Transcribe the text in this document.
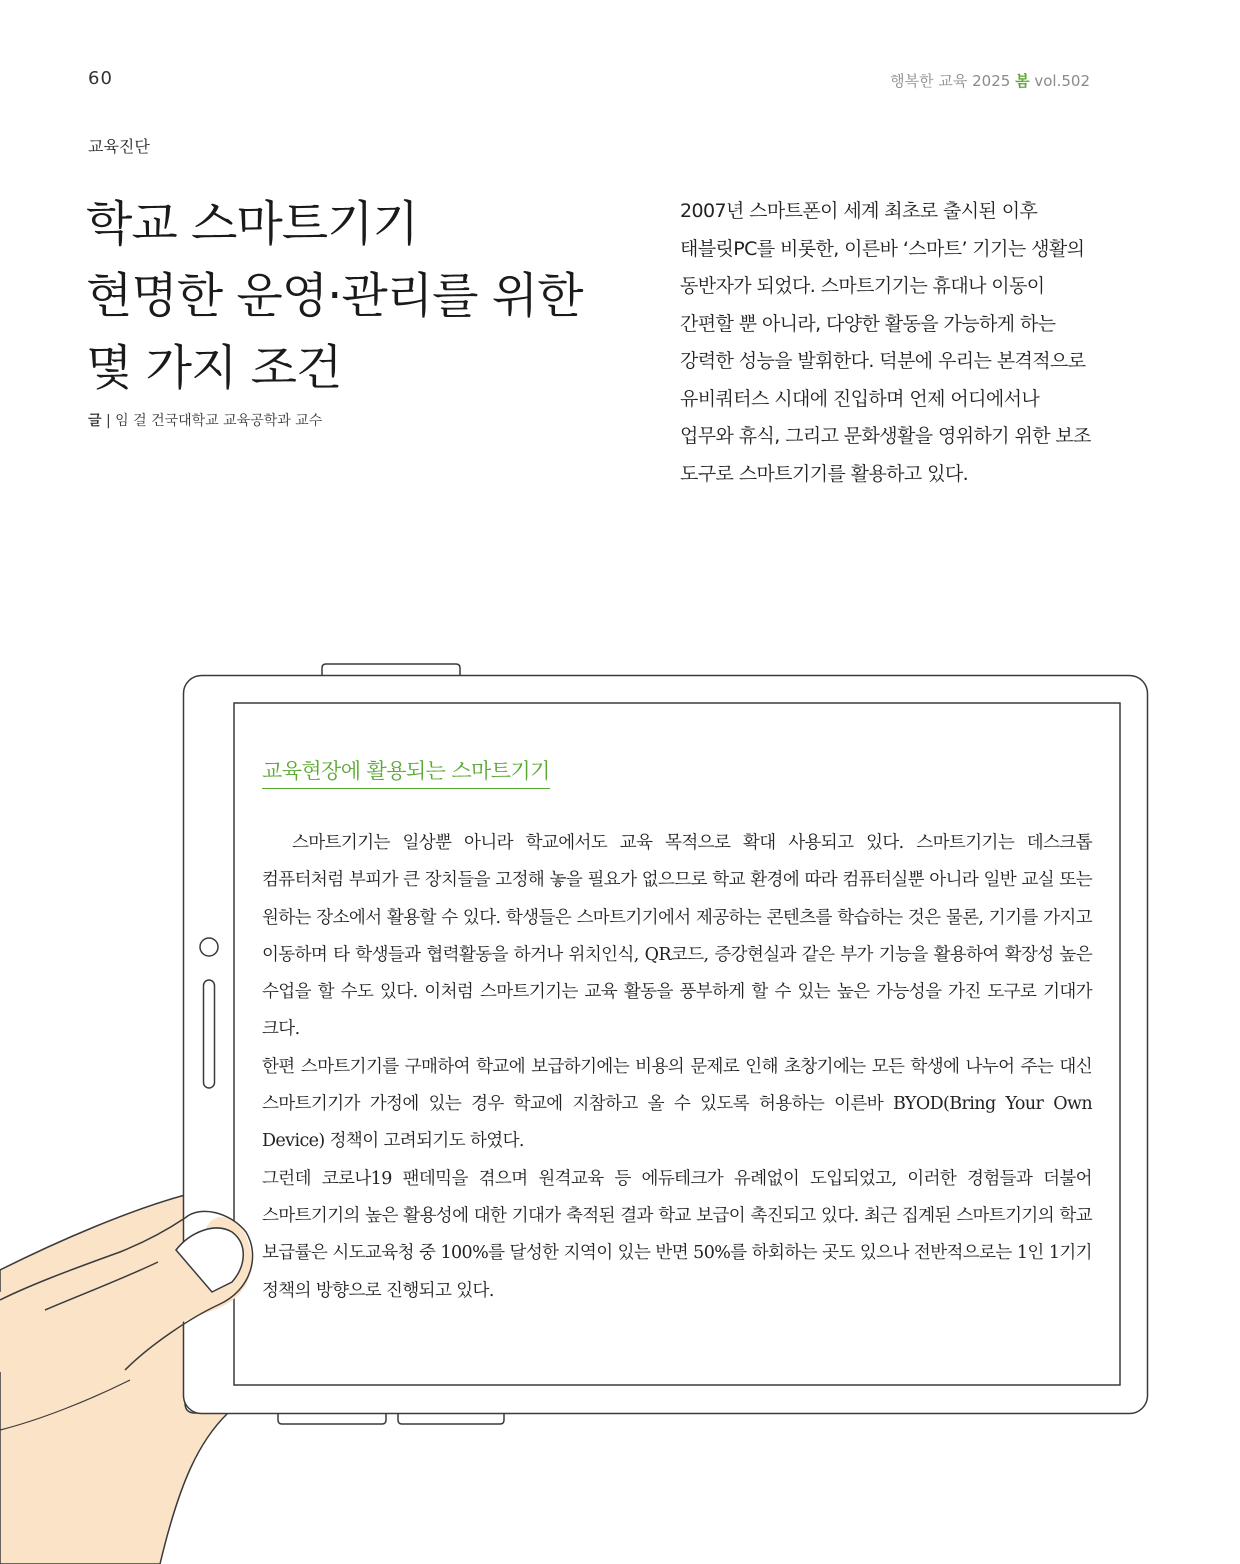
60	행복한 교육 2025 봄 vol.502
교육진단
학교 스마트기기
현명한 운영·관리를 위한
몇 가지 조건
글 | 임 걸 건국대학교 교육공학과 교수

2007년 스마트폰이 세계 최초로 출시된 이후 태블릿PC를 비롯한, 이른바 ‘스마트’ 기기는 생활의 동반자가 되었다. 스마트기기는 휴대나 이동이 간편할 뿐 아니라, 다양한 활동을 가능하게 하는 강력한 성능을 발휘한다. 덕분에 우리는 본격적으로 유비쿼터스 시대에 진입하며 언제 어디에서나 업무와 휴식, 그리고 문화생활을 영위하기 위한 보조 도구로 스마트기기를 활용하고 있다.

교육현장에 활용되는 스마트기기

스마트기기는 일상뿐 아니라 학교에서도 교육 목적으로 확대 사용되고 있다. 스마트기기는 데스크톱 컴퓨터처럼 부피가 큰 장치들을 고정해 놓을 필요가 없으므로 학교 환경에 따라 컴퓨터실뿐 아니라 일반 교실 또는 원하는 장소에서 활용할 수 있다. 학생들은 스마트기기에서 제공하는 콘텐츠를 학습하는 것은 물론, 기기를 가지고 이동하며 타 학생들과 협력활동을 하거나 위치인식, QR코드, 증강현실과 같은 부가 기능을 활용하여 확장성 높은 수업을 할 수도 있다. 이처럼 스마트기기는 교육 활동을 풍부하게 할 수 있는 높은 가능성을 가진 도구로 기대가 크다.

한편 스마트기기를 구매하여 학교에 보급하기에는 비용의 문제로 인해 초창기에는 모든 학생에 나누어 주는 대신 스마트기기가 가정에 있는 경우 학교에 지참하고 올 수 있도록 허용하는 이른바 BYOD(Bring Your Own Device) 정책이 고려되기도 하였다.

그런데 코로나19 팬데믹을 겪으며 원격교육 등 에듀테크가 유례없이 도입되었고, 이러한 경험들과 더불어 스마트기기의 높은 활용성에 대한 기대가 축적된 결과 학교 보급이 촉진되고 있다. 최근 집계된 스마트기기의 학교 보급률은 시도교육청 중 100%를 달성한 지역이 있는 반면 50%를 하회하는 곳도 있으나 전반적으로는 1인 1기기 정책의 방향으로 진행되고 있다.
